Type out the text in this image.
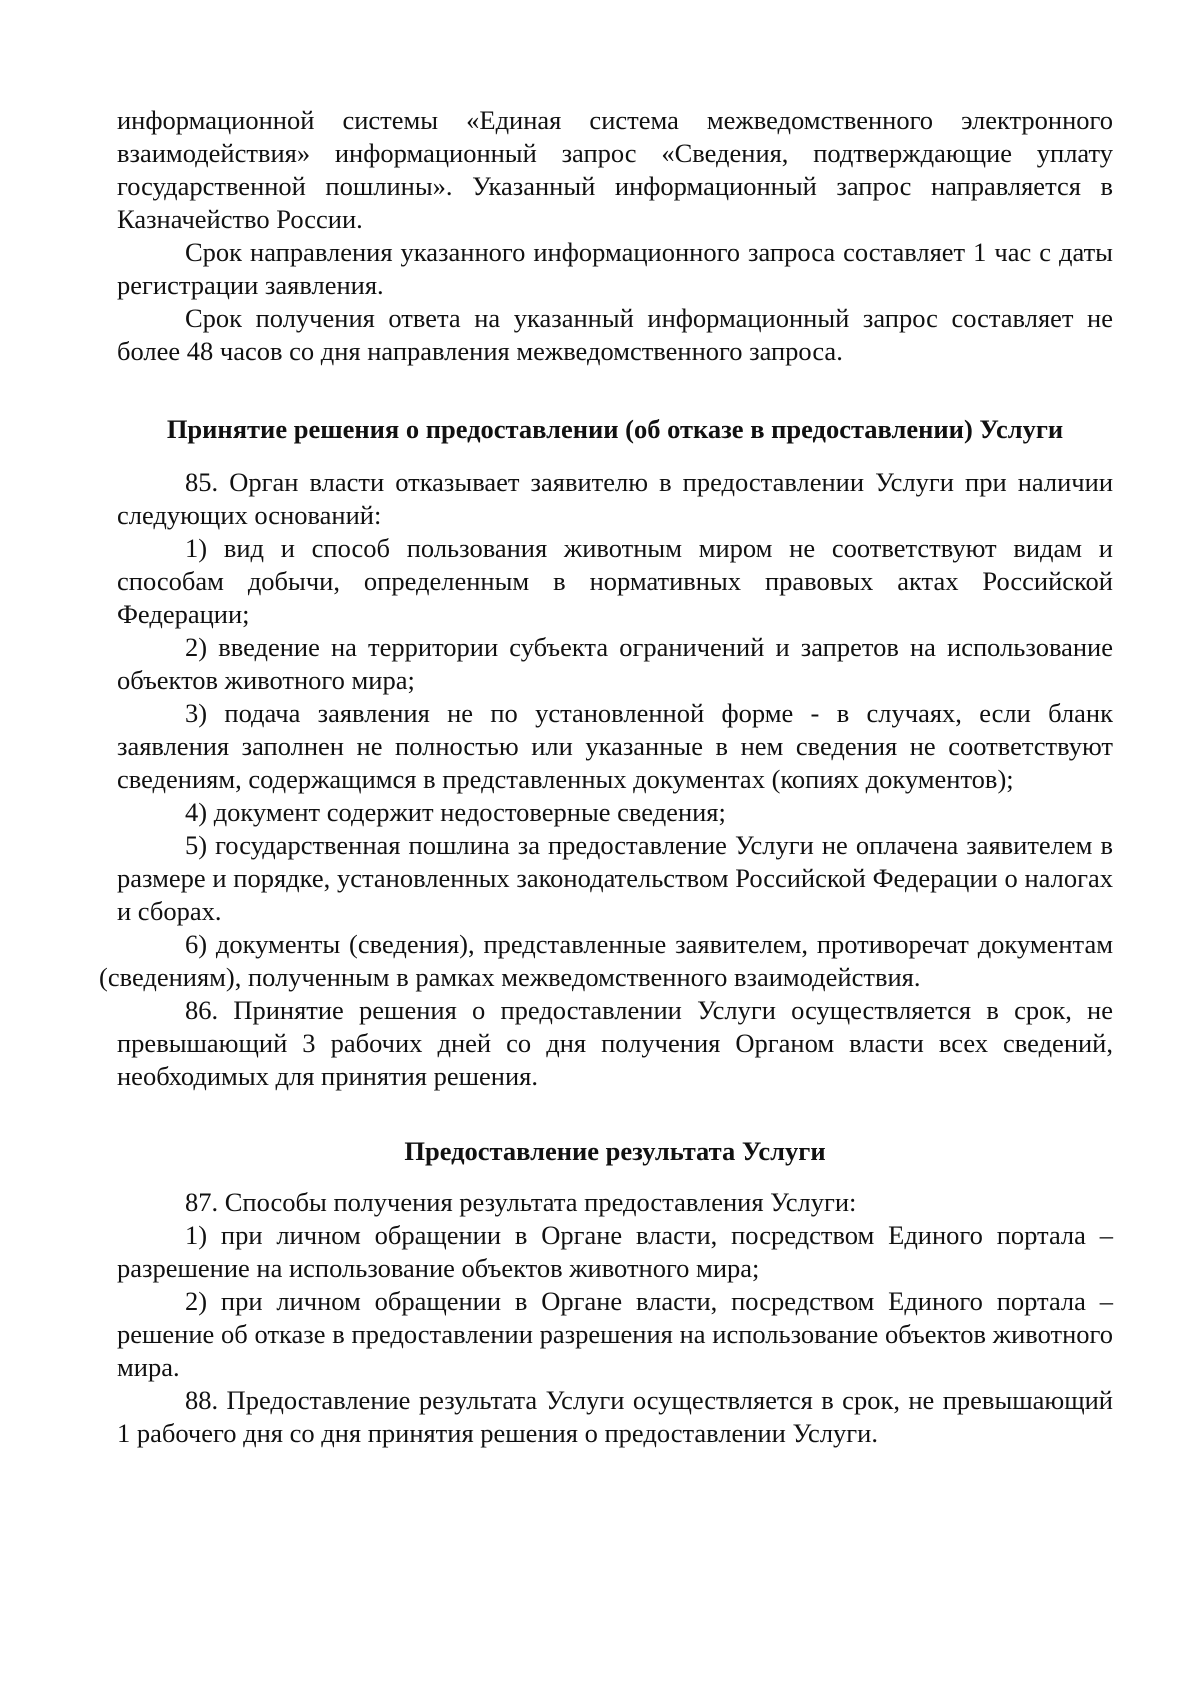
информационной системы «Единая система межведомственного электронного взаимодействия» информационный запрос «Сведения, подтверждающие уплату государственной пошлины». Указанный информационный запрос направляется в Казначейство России.

Срок направления указанного информационного запроса составляет 1 час с даты регистрации заявления.

Срок получения ответа на указанный информационный запрос составляет не более 48 часов со дня направления межведомственного запроса.

Принятие решения о предоставлении (об отказе в предоставлении) Услуги

85. Орган власти отказывает заявителю в предоставлении Услуги при наличии следующих оснований:

1) вид и способ пользования животным миром не соответствуют видам и способам добычи, определенным в нормативных правовых актах Российской Федерации;

2) введение на территории субъекта ограничений и запретов на использование объектов животного мира;

3) подача заявления не по установленной форме - в случаях, если бланк заявления заполнен не полностью или указанные в нем сведения не соответствуют сведениям, содержащимся в представленных документах (копиях документов);

4) документ содержит недостоверные сведения;

5) государственная пошлина за предоставление Услуги не оплачена заявителем в размере и порядке, установленных законодательством Российской Федерации о налогах и сборах.

6) документы (сведения), представленные заявителем, противоречат документам (сведениям), полученным в рамках межведомственного взаимодействия.

86. Принятие решения о предоставлении Услуги осуществляется в срок, не превышающий 3 рабочих дней со дня получения Органом власти всех сведений, необходимых для принятия решения.

Предоставление результата Услуги

87. Способы получения результата предоставления Услуги:

1) при личном обращении в Органе власти, посредством Единого портала – разрешение на использование объектов животного мира;

2) при личном обращении в Органе власти, посредством Единого портала – решение об отказе в предоставлении разрешения на использование объектов животного мира.

88. Предоставление результата Услуги осуществляется в срок, не превышающий 1 рабочего дня со дня принятия решения о предоставлении Услуги.
